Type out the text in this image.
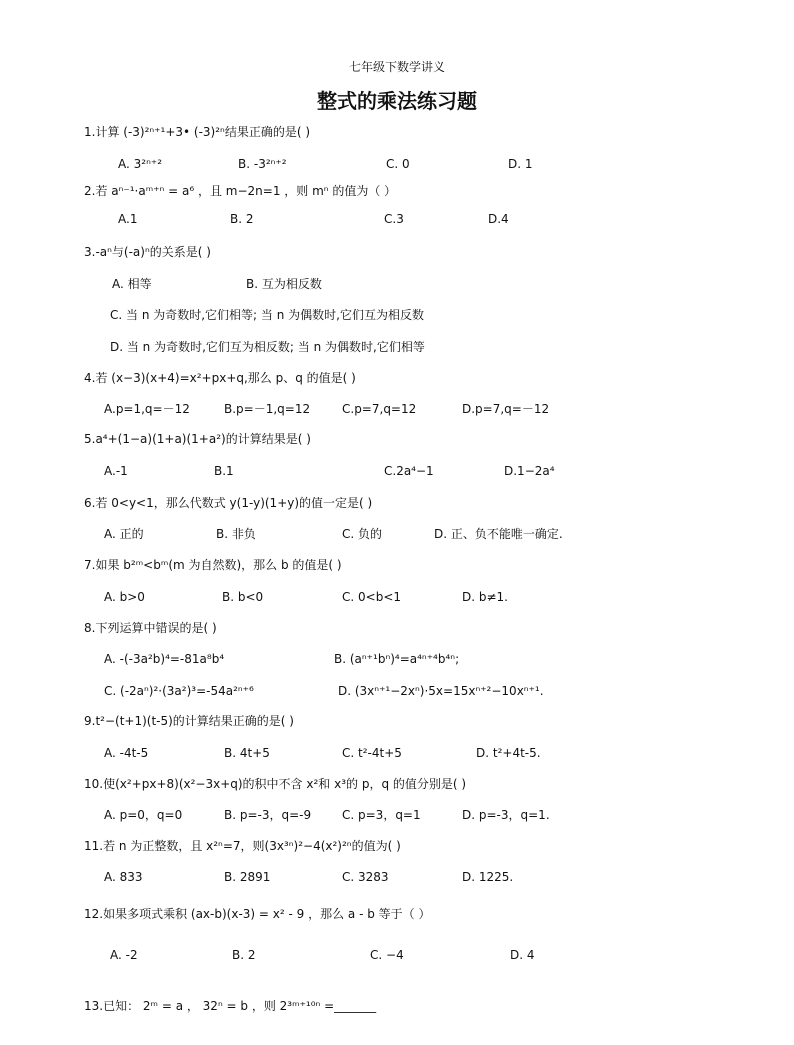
七年级下数学讲义
整式的乘法练习题
1.计算 (-3)²ⁿ⁺¹+3• (-3)²ⁿ结果正确的是( )
A. 3²ⁿ⁺²	B. -3²ⁿ⁺²	C. 0	D. 1
2.若 aⁿ⁻¹·aᵐ⁺ⁿ = a⁶ ，且 m−2n=1 ，则 mⁿ 的值为（ ）
A.1	B. 2	C.3	D.4
3.-aⁿ与(-a)ⁿ的关系是( )
A. 相等	B. 互为相反数
C. 当 n 为奇数时,它们相等; 当 n 为偶数时,它们互为相反数
D. 当 n 为奇数时,它们互为相反数; 当 n 为偶数时,它们相等
4.若 (x−3)(x+4)=x²+px+q,那么 p、q 的值是( )
A.p=1,q=－12	B.p=－1,q=12	C.p=7,q=12	D.p=7,q=－12
5.a⁴+(1−a)(1+a)(1+a²)的计算结果是( )
A.-1	B.1	C.2a⁴−1	D.1−2a⁴
6.若 0<y<1，那么代数式 y(1-y)(1+y)的值一定是( )
A. 正的	B. 非负	C. 负的	D. 正、负不能唯一确定.
7.如果 b²ᵐ<bᵐ(m 为自然数)，那么 b 的值是( )
A. b>0	B. b<0	C. 0<b<1	D. b≠1.
8.下列运算中错误的是( )
A. -(-3a²b)⁴=-81a⁸b⁴	B. (aⁿ⁺¹bⁿ)⁴=a⁴ⁿ⁺⁴b⁴ⁿ;
C. (-2aⁿ)²·(3a²)³=-54a²ⁿ⁺⁶	D. (3xⁿ⁺¹−2xⁿ)·5x=15xⁿ⁺²−10xⁿ⁺¹.
9.t²−(t+1)(t-5)的计算结果正确的是( )
A. -4t-5	B. 4t+5	C. t²-4t+5	D. t²+4t-5.
10.使(x²+px+8)(x²−3x+q)的积中不含 x²和 x³的 p，q 的值分别是( )
A. p=0，q=0	B. p=-3，q=-9	C. p=3，q=1	D. p=-3，q=1.
11.若 n 为正整数，且 x²ⁿ=7，则(3x³ⁿ)²−4(x²)²ⁿ的值为( )
A. 833	B. 2891	C. 3283	D. 1225.
12.如果多项式乘积 (ax-b)(x-3) = x² - 9 ，那么 a - b 等于（ ）
A. -2	B. 2	C. −4	D. 4
13.已知： 2ᵐ = a ， 32ⁿ = b ，则 2³ᵐ⁺¹⁰ⁿ =_______
